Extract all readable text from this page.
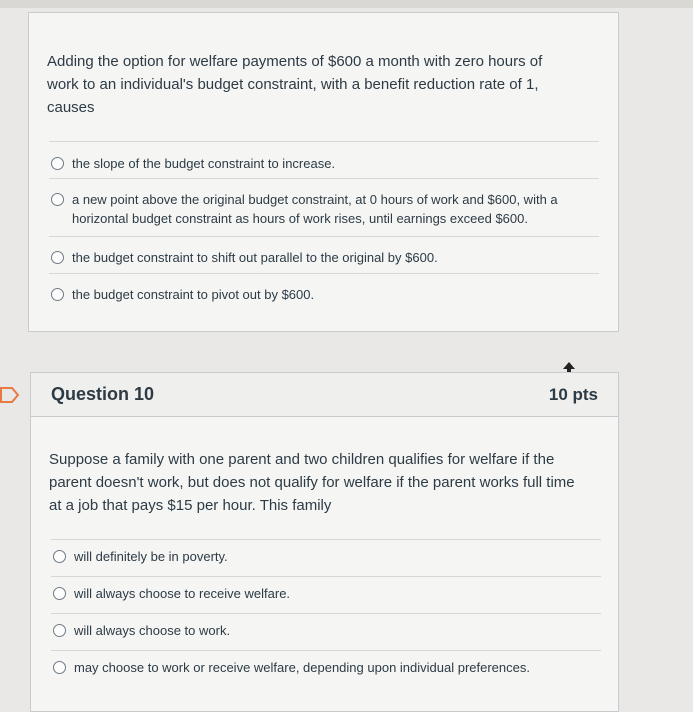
Adding the option for welfare payments of $600 a month with zero hours of work to an individual's budget constraint, with a benefit reduction rate of 1, causes
the slope of the budget constraint to increase.
a new point above the original budget constraint, at 0 hours of work and $600, with a horizontal budget constraint as hours of work rises, until earnings exceed $600.
the budget constraint to shift out parallel to the original by $600.
the budget constraint to pivot out by $600.
Question 10	10 pts
Suppose a family with one parent and two children qualifies for welfare if the parent doesn't work, but does not qualify for welfare if the parent works full time at a job that pays $15 per hour. This family
will definitely be in poverty.
will always choose to receive welfare.
will always choose to work.
may choose to work or receive welfare, depending upon individual preferences.
